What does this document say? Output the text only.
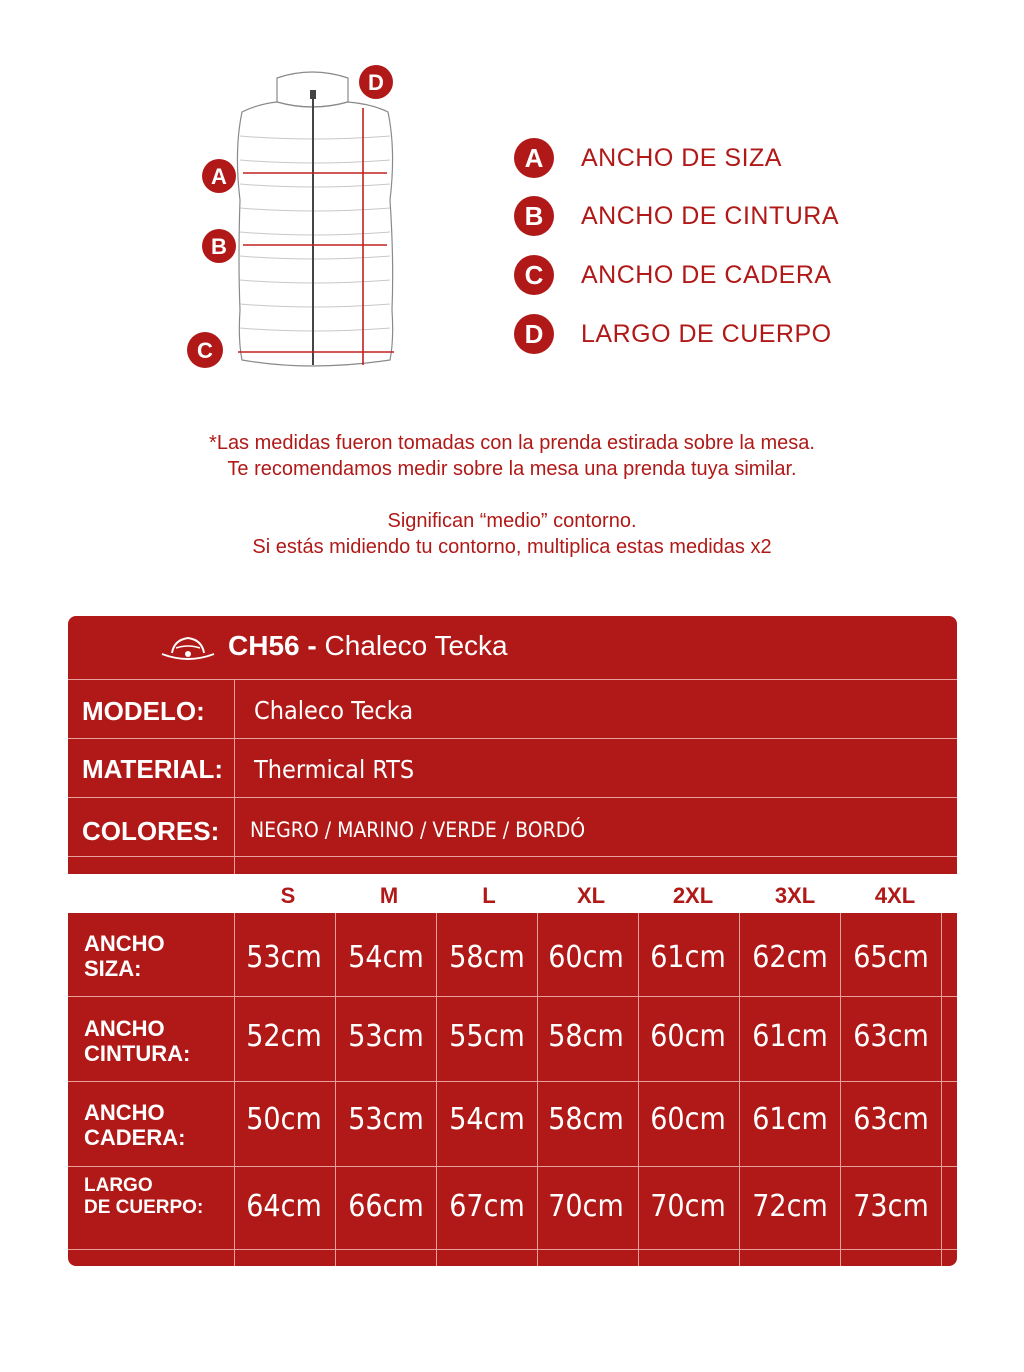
A
B
C
D
A	ANCHO DE SIZA
B	ANCHO DE CINTURA
C	ANCHO DE CADERA
D	LARGO DE CUERPO
*Las medidas fueron tomadas con la prenda estirada sobre la mesa.
Te recomendamos medir sobre la mesa una prenda tuya similar.
Significan “medio” contorno.
Si estás midiendo tu contorno, multiplica estas medidas x2
CH56 - Chaleco Tecka
MODELO: Chaleco Tecka
MATERIAL: Thermical RTS
COLORES: NEGRO / MARINO / VERDE / BORDÓ
S	M	L	XL	2XL	3XL	4XL
ANCHO
SIZA:	53cm 54cm 58cm 60cm 61cm 62cm 65cm
ANCHO
CINTURA:	52cm 53cm 55cm 58cm 60cm 61cm 63cm
ANCHO
CADERA:
50cm 53cm 54cm 58cm 60cm 61cm 63cm
LARGO
DE CUERPO:	64cm 66cm 67cm 70cm 70cm 72cm 73cm
